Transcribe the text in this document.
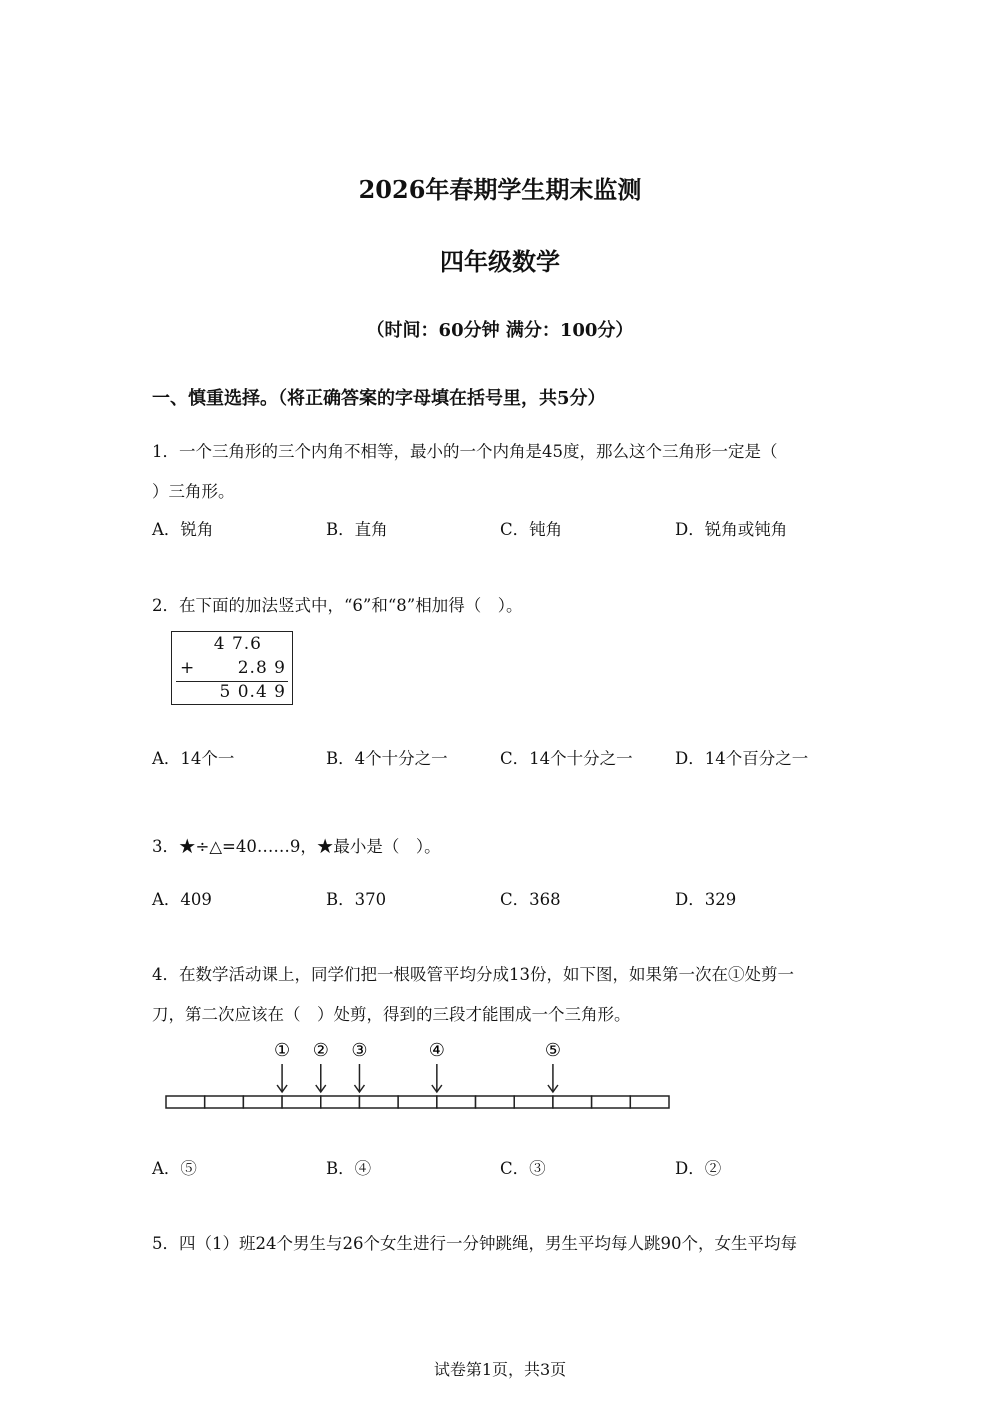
2026年春期学生期末监测
四年级数学
（时间：60分钟 满分：100分）
一、慎重选择。（将正确答案的字母填在括号里，共5分）
1．一个三角形的三个内角不相等，最小的一个内角是45度，那么这个三角形一定是（
）三角形。
A．锐角	B．直角	C．钝角	D．锐角或钝角
2．在下面的加法竖式中，“6”和“8”相加得（　）。
4 7.6
+	2.8 9
5 0.4 9
A．14个一	B．4个十分之一	C．14个十分之一	D．14个百分之一
3．★÷△=40……9，★最小是（　）。
A．409	B．370	C．368	D．329
4．在数学活动课上，同学们把一根吸管平均分成13份，如下图，如果第一次在①处剪一
刀，第二次应该在（　）处剪，得到的三段才能围成一个三角形。
① ② ③	④	⑤
A．⑤	B．④	C．③	D．②
5．四（1）班24个男生与26个女生进行一分钟跳绳，男生平均每人跳90个，女生平均每
试卷第1页，共3页
